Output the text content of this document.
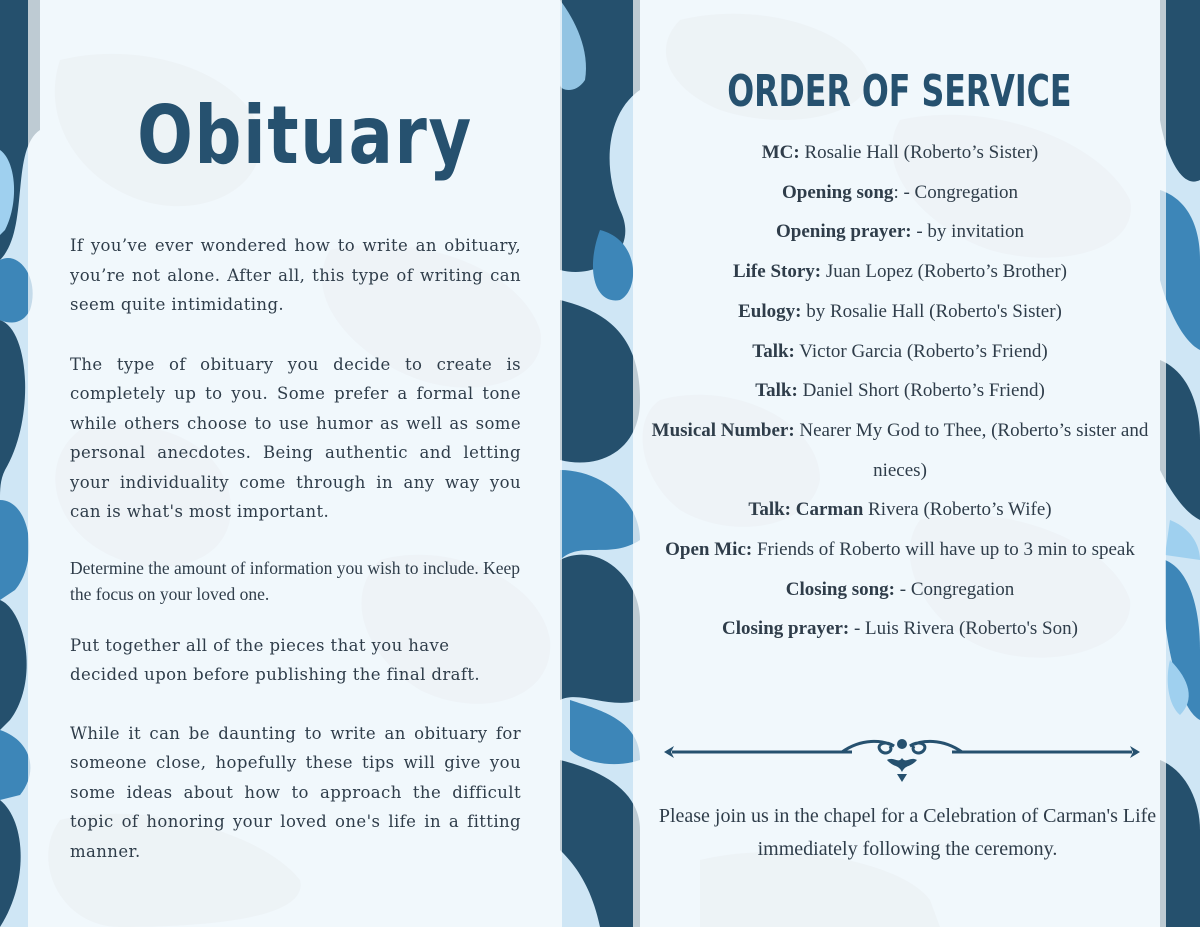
Obituary

If you’ve ever wondered how to write an obituary, you’re not alone. After all, this type of writing can seem quite intimidating.

The type of obituary you decide to create is completely up to you. Some prefer a formal tone while others choose to use humor as well as some personal anecdotes. Being authentic and letting your individuality come through in any way you can is what's most important.

Determine the amount of information you wish to include. Keep the focus on your loved one.

Put together all of the pieces that you have decided upon before publishing the final draft.

While it can be daunting to write an obituary for someone close, hopefully these tips will give you some ideas about how to approach the difficult topic of honoring your loved one's life in a fitting manner.

ORDER OF SERVICE
MC: Rosalie Hall (Roberto’s Sister)
Opening song: - Congregation
Opening prayer: - by invitation
Life Story: Juan Lopez (Roberto’s Brother)
Eulogy: by Rosalie Hall (Roberto's Sister)
Talk: Victor Garcia (Roberto’s Friend)
Talk: Daniel Short (Roberto’s Friend)
Musical Number: Nearer My God to Thee, (Roberto’s sister and nieces)
Talk: Carman Rivera (Roberto’s Wife)
Open Mic: Friends of Roberto will have up to 3 min to speak
Closing song: - Congregation
Closing prayer: - Luis Rivera (Roberto's Son)

Please join us in the chapel for a Celebration of Carman's Life immediately following the ceremony.
